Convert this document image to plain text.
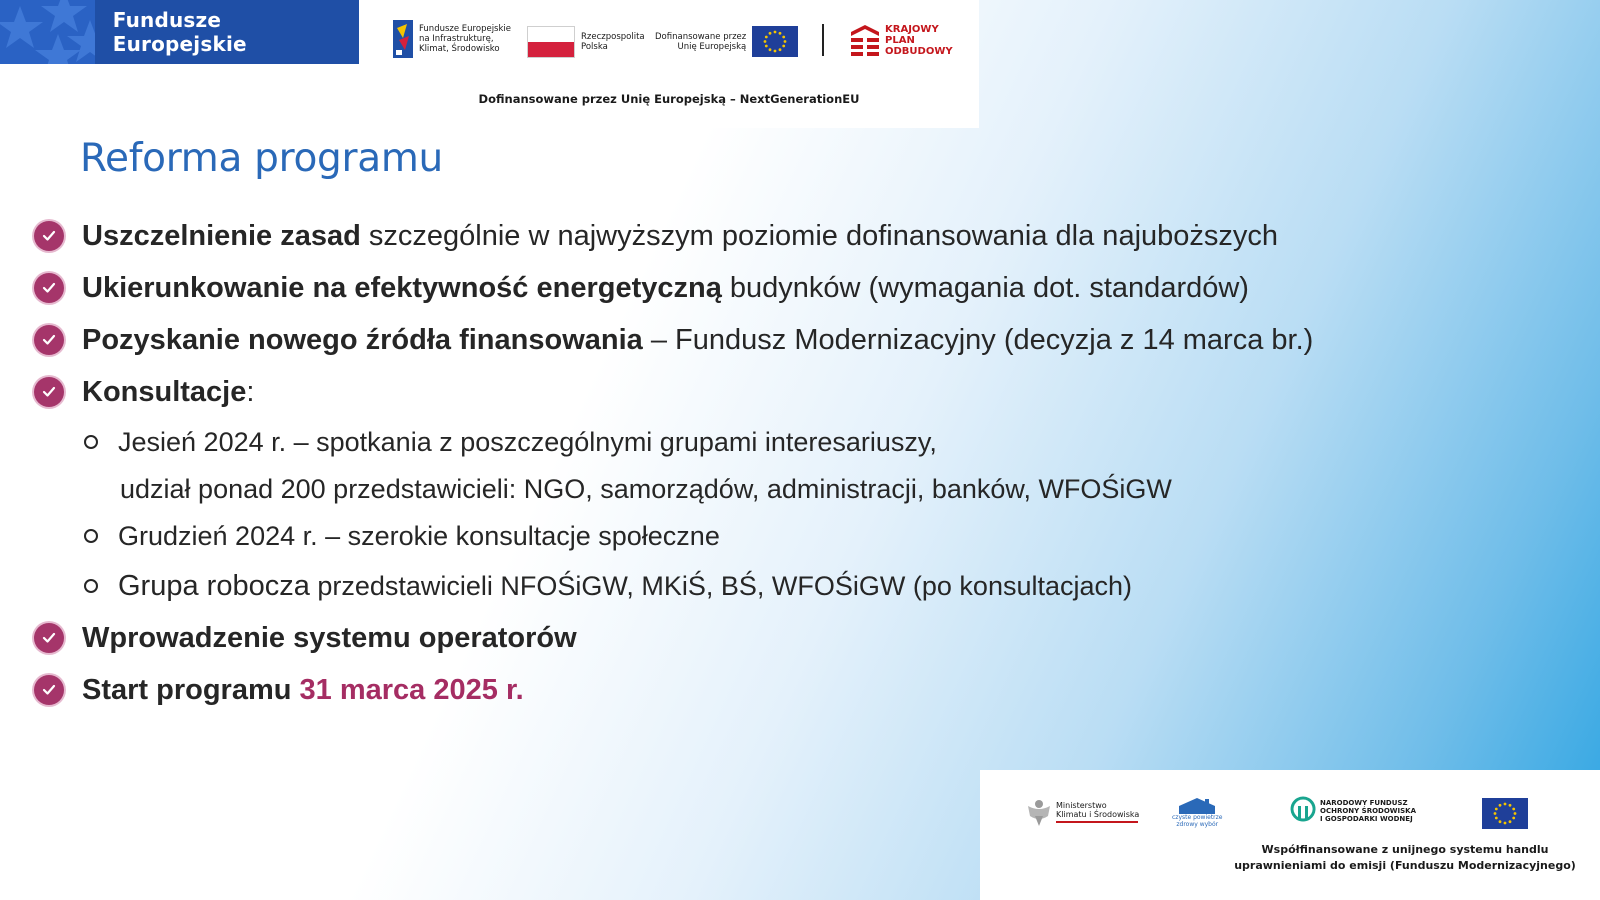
Fundusze Europejskie
Fundusze Europejskie
na Infrastrukturę,
Klimat, Środowisko
Rzeczpospolita
Polska
Dofinansowane przez
Unię Europejską
KRAJOWY
PLAN
ODBUDOWY
Dofinansowane przez Unię Europejską – NextGenerationEU
Reforma programu
Uszczelnienie zasad szczególnie w najwyższym poziomie dofinansowania dla najuboższych
Ukierunkowanie na efektywność energetyczną budynków (wymagania dot. standardów)
Pozyskanie nowego źródła finansowania – Fundusz Modernizacyjny (decyzja z 14 marca br.)
Konsultacje :
Jesień 2024 r. – spotkania z poszczególnymi grupami interesariuszy,
udział ponad 200 przedstawicieli: NGO, samorządów, administracji, banków, WFOŚiGW
Grudzień 2024 r. – szerokie konsultacje społeczne
Grupa robocza przedstawicieli NFOŚiGW, MKiŚ, BŚ, WFOŚiGW (po konsultacjach)
Wprowadzenie systemu operatorów
Start programu 31 marca 2025 r.
Ministerstwo
Klimatu i Środowiska	czyste powietrze
zdrowy wybór
NARODOWY FUNDUSZ
OCHRONY ŚRODOWISKA
I GOSPODARKI WODNEJ
Współfinansowane z unijnego systemu handlu
uprawnieniami do emisji (Funduszu Modernizacyjnego)
